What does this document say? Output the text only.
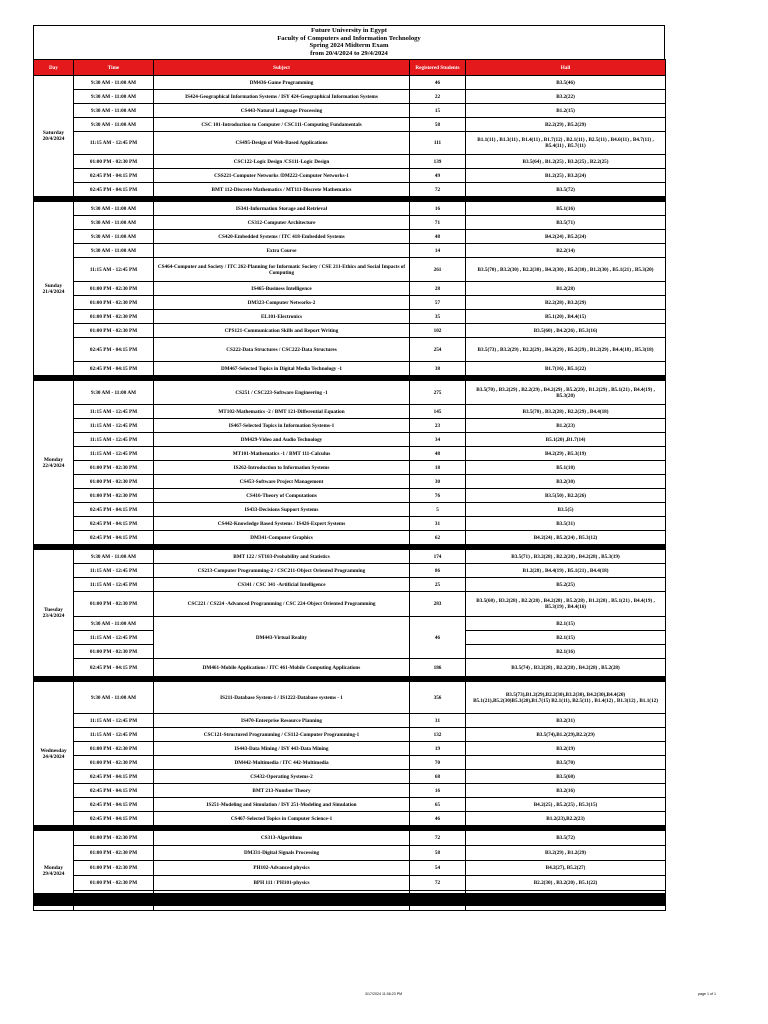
Future University in Egypt
Faculty of Computers and Information Technology
Spring 2024 Midterm Exam
from 20/4/2024 to 29/4/2024
Day	Time	Subject	Registered Students	Hall
Saturday
20/4/2024	9:30 AM - 11:00 AM	DM436-Game Programming	46	B3.5(46)
	9:30 AM - 11:00 AM	IS424-Geographical Information Systems / ISY 424-Geographical Information Systems	22	B3.2(22)
	9:30 AM - 11:00 AM	CS443-Natural Language Processing	15	B1.2(15)
	9:30 AM - 11:00 AM	CSC 101-Introduction to Computer / CSC111-Computing Fundamentals	58	B2.2(29) , B5.2(29)
	11:15 AM - 12:45 PM	CS495-Design of Web-Based Applications	111	B1.1(11) , B1.3(11) , B1.4(11) , B1.7(12) , B2.1(11) , B2.5(11) , B4.6(11) , B4.7(11) , B5.4(11) , B5.7(11)
	01:00 PM - 02:30 PM	CSC122-Logic Design /CS111-Logic Design	139	B3.5(64) , B1.2(25) , B3.2(25) , B2.2(25)
	02:45 PM - 04:15 PM	CSS221-Computer Networks /DM222-Computer Networks-1	49	B1.2(25) , B3.2(24)
	02:45 PM - 04:15 PM	BMT 112-Discrete Mathematics / MT111-Discrete Mathematics	72	B3.5(72)

Sunday
21/4/2024	9:30 AM - 11:00 AM	IS341-Information Storage and Retrieval	16	B5.1(16)
	9:30 AM - 11:00 AM	CS312-Computer Architecture	71	B3.5(71)
	9:30 AM - 11:00 AM	CS420-Embedded Systems / ITC 418-Embedded Systems	48	B4.2(24) , B5.2(24)
	9:30 AM - 11:00 AM	Extra Course	14	B2.2(14)
	11:15 AM - 12:45 PM	CS464-Computer and Society / ITC 262-Planning for Informatic Society / CSE 211-Ethics and Social Impacts of Computing	261	B3.5(70) , B3.2(30) , B2.2(30) , B4.2(30) , B5.2(30) , B1.2(30) , B5.1(21) , B5.3(20)
	01:00 PM - 02:30 PM	IS465-Business Intelligence	28	B1.2(28)
	01:00 PM - 02:30 PM	DM323-Computer Networks-2	57	B2.2(28) , B3.2(29)
	01:00 PM - 02:30 PM	EL101-Electronics	35	B5.1(20) , B4.4(15)
	01:00 PM - 02:30 PM	CPS121-Communication Skills and Report Writing	102	B3.5(60) , B4.2(26) , B5.3(16)
	02:45 PM - 04:15 PM	CS222-Data Structures / CSC222-Data Structures	254	B3.5(73) , B3.2(29) , B2.2(29) , B4.2(29) , B5.2(29) , B1.2(29) , B4.4(18) , B5.3(18)
	02:45 PM - 04:15 PM	DM467-Selected Topics in Digital Media Technology -1	38	B1.7(16) , B5.1(22)

Monday
22/4/2024	9:30 AM - 11:00 AM	CS251 / CSC223-Software Engineering -1	275	B3.5(70) , B3.2(29) , B2.2(29) , B4.2(29) , B5.2(29) , B1.2(29) , B5.1(21) , B4.4(19) , B5.3(20)
	11:15 AM - 12:45 PM	MT102-Mathematics -2 / BMT 121-Differential Equation	145	B3.5(70) , B3.2(28) , B2.2(29) , B4.4(18)
	11:15 AM - 12:45 PM	IS467-Selected Topics in Information Systems-1	23	B1.2(23)
	11:15 AM - 12:45 PM	DM429-Video and Audio Technology	34	B5.1(20) ,B1.7(14)
	11:15 AM - 12:45 PM	MT101-Mathematics -1 / BMT 111-Calculus	48	B4.2(29) , B5.3(19)
	01:00 PM - 02:30 PM	IS262-Introduction to Information Systems	18	B5.1(18)
	01:00 PM - 02:30 PM	CS453-Software Project Management	30	B3.2(30)
	01:00 PM - 02:30 PM	CS416-Theory of Computations	76	B3.5(50) , B2.2(26)
	02:45 PM - 04:15 PM	IS433-Decisions Support Systems	5	B3.5(5)
	02:45 PM - 04:15 PM	CS442-Knowledge Based Systems / IS426-Expert Systems	31	B3.5(31)
	02:45 PM - 04:15 PM	DM341-Computer Graphics	62	B4.2(24) , B5.2(24) , B5.3(12)

Tuesday
23/4/2024	9:30 AM - 11:00 AM	BMT 122 / ST103-Probability and Statistics	174	B3.5(71) , B3.2(28) , B2.2(28) , B4.2(28) , B5.3(19)
	11:15 AM - 12:45 PM	CS213-Computer Programming-2 / CSC211-Object Oriented Programming	86	B1.2(28) , B4.4(19) , B5.1(21) , B4.4(18)
	11:15 AM - 12:45 PM	CS341 / CSC 341 -Artificial Intelligence	25	B5.2(25)
	01:00 PM - 02:30 PM	CSC221 / CS224 -Advanced Programming / CSC 224-Object Oriented Programming	283	B3.5(68) , B3.2(28) , B2.2(28) , B4.2(28) , B5.2(28) , B1.2(28) , B5.1(21) , B4.4(19) , B5.3(19) , B4.4(16)
	9:30 AM - 11:00 AM	DM443-Virtual Reality	46	B2.1(15)
	11:15 AM - 12:45 PM			B2.1(15)
	01:00 PM - 02:30 PM			B2.1(16)
	02:45 PM - 04:15 PM	DM461-Mobile Applications / ITC 461-Mobile Computing Applications	186	B3.5(74) , B3.2(28) , B2.2(28) , B4.2(28) , B5.2(28)

Wednesday
24/4/2024	9:30 AM - 11:00 AM	IS211-Database System-1 / IS1222-Database systems - 1	356	B3.5(73),B1.2(29),B2.2(30),B3.2(30), B4.2(30),B4.4(20) B5.1(21),B5.2(30)B5.3(20),B1.7(15) B2.1(11), B2.5(11) , B1.4(12) , B1.3(12) , B1.1(12)
	11:15 AM - 12:45 PM	IS470-Enterprise Resource Planning	31	B3.2(31)
	11:15 AM - 12:45 PM	CSC121-Structured Programming / CS112-Computer Programming-1	132	B3.5(74),B1.2(29),B2.2(29)
	01:00 PM - 02:30 PM	IS443-Data Mining / ISY 443-Data Mining	19	B3.2(19)
	01:00 PM - 02:30 PM	DM442-Multimedia / ITC 442-Multimedia	70	B3.5(70)
	02:45 PM - 04:15 PM	CS432-Operating Systems-2	68	B3.5(68)
	02:45 PM - 04:15 PM	BMT 213-Number Theory	16	B3.2(16)
	02:45 PM - 04:15 PM	IS251-Modeling and Simulation / ISY 251-Modeling and Simulation	65	B4.2(25) , B5.2(25) , B5.3(15)
	02:45 PM - 04:15 PM	CS467-Selected Topics in Computer Science-1	46	B1.2(23),B2.2(23)

Monday
29/4/2024	01:00 PM - 02:30 PM	CS313-Algorithms	72	B3.5(72)
	01:00 PM - 02:30 PM	DM331-Digital Signals Processing	58	B3.2(29) , B1.2(29)
	01:00 PM - 02:30 PM	PH102-Advanced physics	54	B4.2(27), B5.2(27)
	01:00 PM - 02:30 PM	BPH 111 / PH101-physics	72	B2.2(30) , B3.2(20) , B5.1(22)

3/17/2024 11:06:23 PM	page 1 of 1
